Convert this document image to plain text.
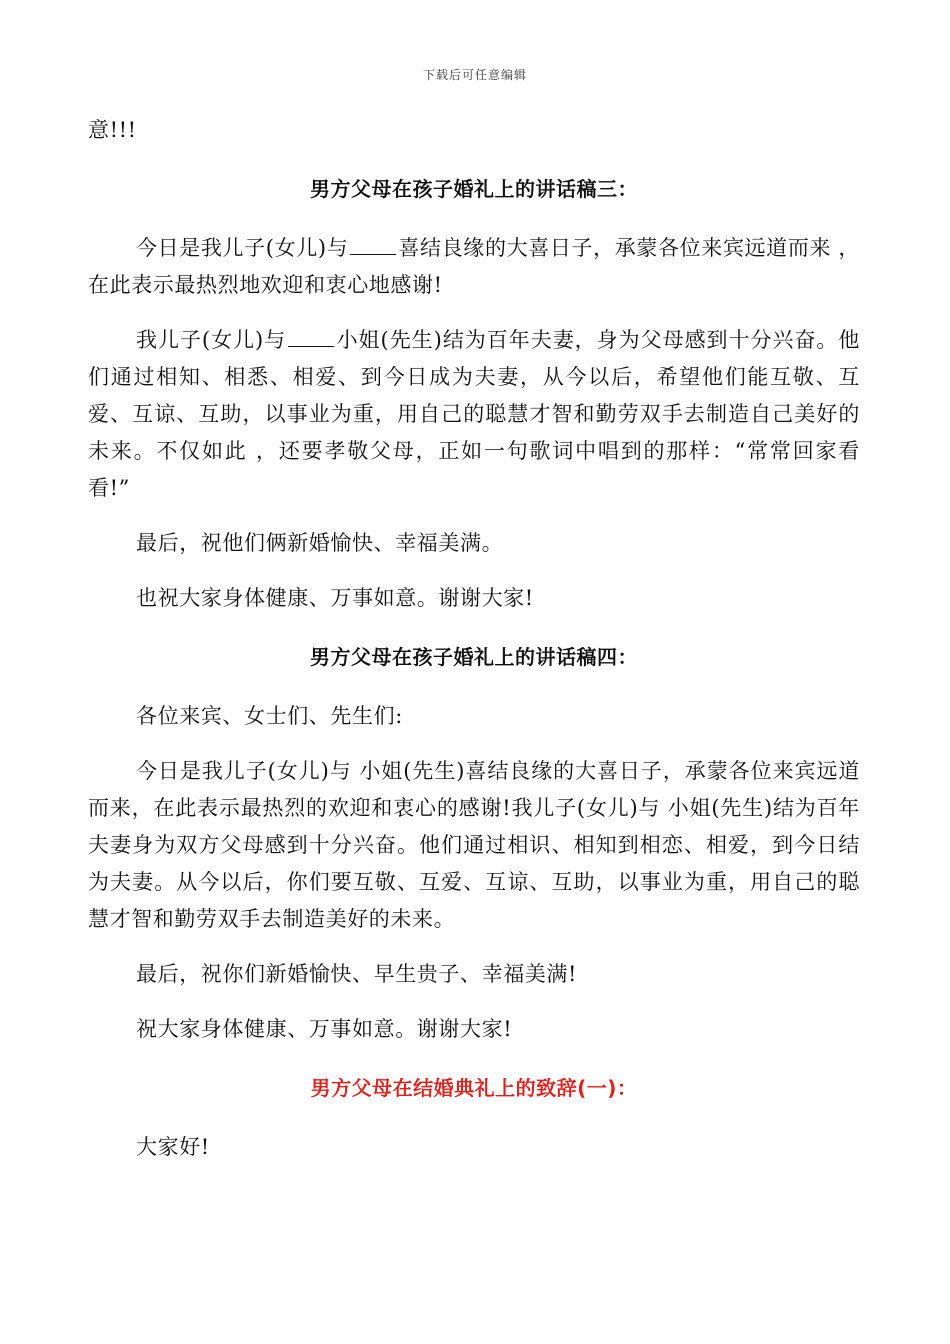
下载后可任意编辑

意!!!

男方父母在孩子婚礼上的讲话稿三：

今日是我儿子(女儿)与 喜结良缘的大喜日子，承蒙各位来宾远道而来 ，在此表示最热烈地欢迎和衷心地感谢!

我儿子(女儿)与 小姐(先生)结为百年夫妻，身为父母感到十分兴奋。他们通过相知、相悉、相爱、到今日成为夫妻，从今以后，希望他们能互敬、互爱、互谅、互助，以事业为重，用自己的聪慧才智和勤劳双手去制造自己美好的未来。不仅如此 ，还要孝敬父母，正如一句歌词中唱到的那样：“常常回家看看!”

最后，祝他们俩新婚愉快、幸福美满。

也祝大家身体健康、万事如意。谢谢大家!

男方父母在孩子婚礼上的讲话稿四：

各位来宾、女士们、先生们:

今日是我儿子(女儿)与 小姐(先生)喜结良缘的大喜日子，承蒙各位来宾远道而来，在此表示最热烈的欢迎和衷心的感谢!我儿子(女儿)与 小姐(先生)结为百年夫妻身为双方父母感到十分兴奋。他们通过相识、相知到相恋、相爱，到今日结为夫妻。从今以后，你们要互敬、互爱、互谅、互助，以事业为重，用自己的聪慧才智和勤劳双手去制造美好的未来。

最后，祝你们新婚愉快、早生贵子、幸福美满!

祝大家身体健康、万事如意。谢谢大家!

男方父母在结婚典礼上的致辞(一)：

大家好!
